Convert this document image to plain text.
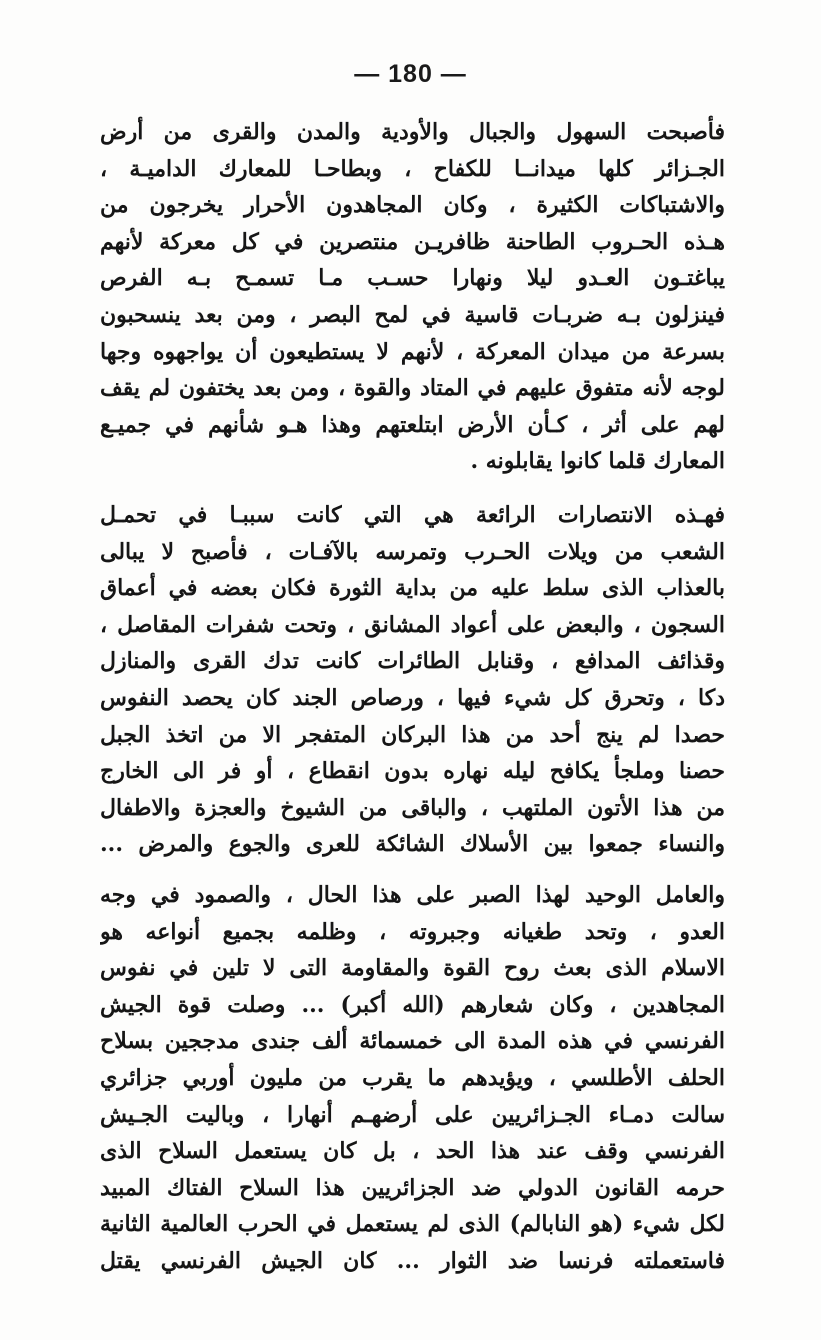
— 180 —
فأصبحت السهول والجبال والأودية والمدن والقرى من أرض
الجـزائر كلها ميدانــا للكفاح ، وبطاحـا للمعارك الداميـة ،
والاشتباكات الكثيرة ، وكان المجاهدون الأحرار يخرجون من
هـذه الحـروب الطاحنة ظافريـن منتصرين في كل معركة لأنهم
يباغتـون العـدو ليلا ونهارا حسـب مـا تسمـح بـه الفرص
فينزلون بـه ضربـات قاسية في لمح البصر ، ومن بعد ينسحبون
بسرعة من ميدان المعركة ، لأنهم لا يستطيعون أن يواجهوه وجها
لوجه لأنه متفوق عليهم في المتاد والقوة ، ومن بعد يختفون لم يقف
لهم على أثر ، كـأن الأرض ابتلعتهم وهذا هـو شأنهم في جميـع
المعارك قلما كانوا يقابلونه .
فهـذه الانتصارات الرائعة هي التي كانت سببـا في تحمـل
الشعب من ويلات الحـرب وتمرسه بالآفـات ، فأصبح لا يبالى
بالعذاب الذى سلط عليه من بداية الثورة فكان بعضه في أعماق
السجون ، والبعض على أعواد المشانق ، وتحت شفرات المقاصل ،
وقذائف المدافع ، وقنابل الطائرات كانت تدك القرى والمنازل
دكا ، وتحرق كل شيء فيها ، ورصاص الجند كان يحصد النفوس
حصدا لم ينج أحد من هذا البركان المتفجر الا من اتخذ الجبل
حصنا وملجأ يكافح ليله نهاره بدون انقطاع ، أو فر الى الخارج
من هذا الأتون الملتهب ، والباقى من الشيوخ والعجزة والاطفال
والنساء جمعوا بين الأسلاك الشائكة للعرى والجوع والمرض ...
والعامل الوحيد لهذا الصبر على هذا الحال ، والصمود في وجه
العدو ، وتحد طغيانه وجبروته ، وظلمه بجميع أنواعه هو
الاسلام الذى بعث روح القوة والمقاومة التى لا تلين في نفوس
المجاهدين ، وكان شعارهم (الله أكبر) ... وصلت قوة الجيش
الفرنسي في هذه المدة الى خمسمائة ألف جندى مدججين بسلاح
الحلف الأطلسي ، ويؤيدهم ما يقرب من مليون أوربي جزائري
سالت دمـاء الجـزائريين على أرضهـم أنهارا ، وباليت الجـيش
الفرنسي وقف عند هذا الحد ، بل كان يستعمل السلاح الذى
حرمه القانون الدولي ضد الجزائريين هذا السلاح الفتاك المبيد
لكل شيء (هو النابالم) الذى لم يستعمل في الحرب العالمية الثانية
فاستعملته فرنسا ضد الثوار ... كان الجيش الفرنسي يقتل
